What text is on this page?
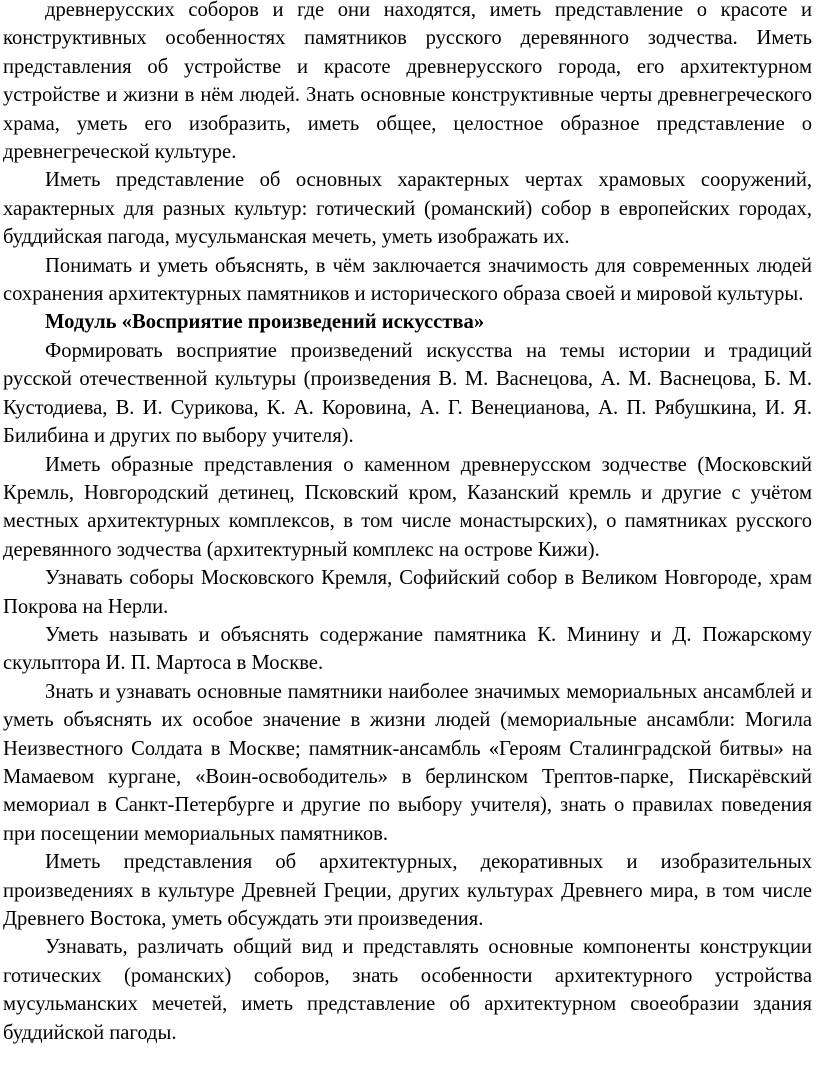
древнерусских соборов и где они находятся, иметь представление о красоте и конструктивных особенностях памятников русского деревянного зодчества. Иметь представления об устройстве и красоте древнерусского города, его архитектурном устройстве и жизни в нём людей. Знать основные конструктивные черты древнегреческого храма, уметь его изобразить, иметь общее, целостное образное представление о древнегреческой культуре.

Иметь представление об основных характерных чертах храмовых сооружений, характерных для разных культур: готический (романский) собор в европейских городах, буддийская пагода, мусульманская мечеть, уметь изображать их.

Понимать и уметь объяснять, в чём заключается значимость для современных людей сохранения архитектурных памятников и исторического образа своей и мировой культуры.

Модуль «Восприятие произведений искусства»

Формировать восприятие произведений искусства на темы истории и традиций русской отечественной культуры (произведения В. М. Васнецова, А. М. Васнецова, Б. М. Кустодиева, В. И. Сурикова, К. А. Коровина, А. Г. Венецианова, А. П. Рябушкина, И. Я. Билибина и других по выбору учителя).

Иметь образные представления о каменном древнерусском зодчестве (Московский Кремль, Новгородский детинец, Псковский кром, Казанский кремль и другие с учётом местных архитектурных комплексов, в том числе монастырских), о памятниках русского деревянного зодчества (архитектурный комплекс на острове Кижи).

Узнавать соборы Московского Кремля, Софийский собор в Великом Новгороде, храм Покрова на Нерли.

Уметь называть и объяснять содержание памятника К. Минину и Д. Пожарскому скульптора И. П. Мартоса в Москве.

Знать и узнавать основные памятники наиболее значимых мемориальных ансамблей и уметь объяснять их особое значение в жизни людей (мемориальные ансамбли: Могила Неизвестного Солдата в Москве; памятник-ансамбль «Героям Сталинградской битвы» на Мамаевом кургане, «Воин-освободитель» в берлинском Трептов-парке, Пискарёвский мемориал в Санкт-Петербурге и другие по выбору учителя), знать о правилах поведения при посещении мемориальных памятников.

Иметь представления об архитектурных, декоративных и изобразительных произведениях в культуре Древней Греции, других культурах Древнего мира, в том числе Древнего Востока, уметь обсуждать эти произведения.

Узнавать, различать общий вид и представлять основные компоненты конструкции готических (романских) соборов, знать особенности архитектурного устройства мусульманских мечетей, иметь представление об архитектурном своеобразии здания буддийской пагоды.
